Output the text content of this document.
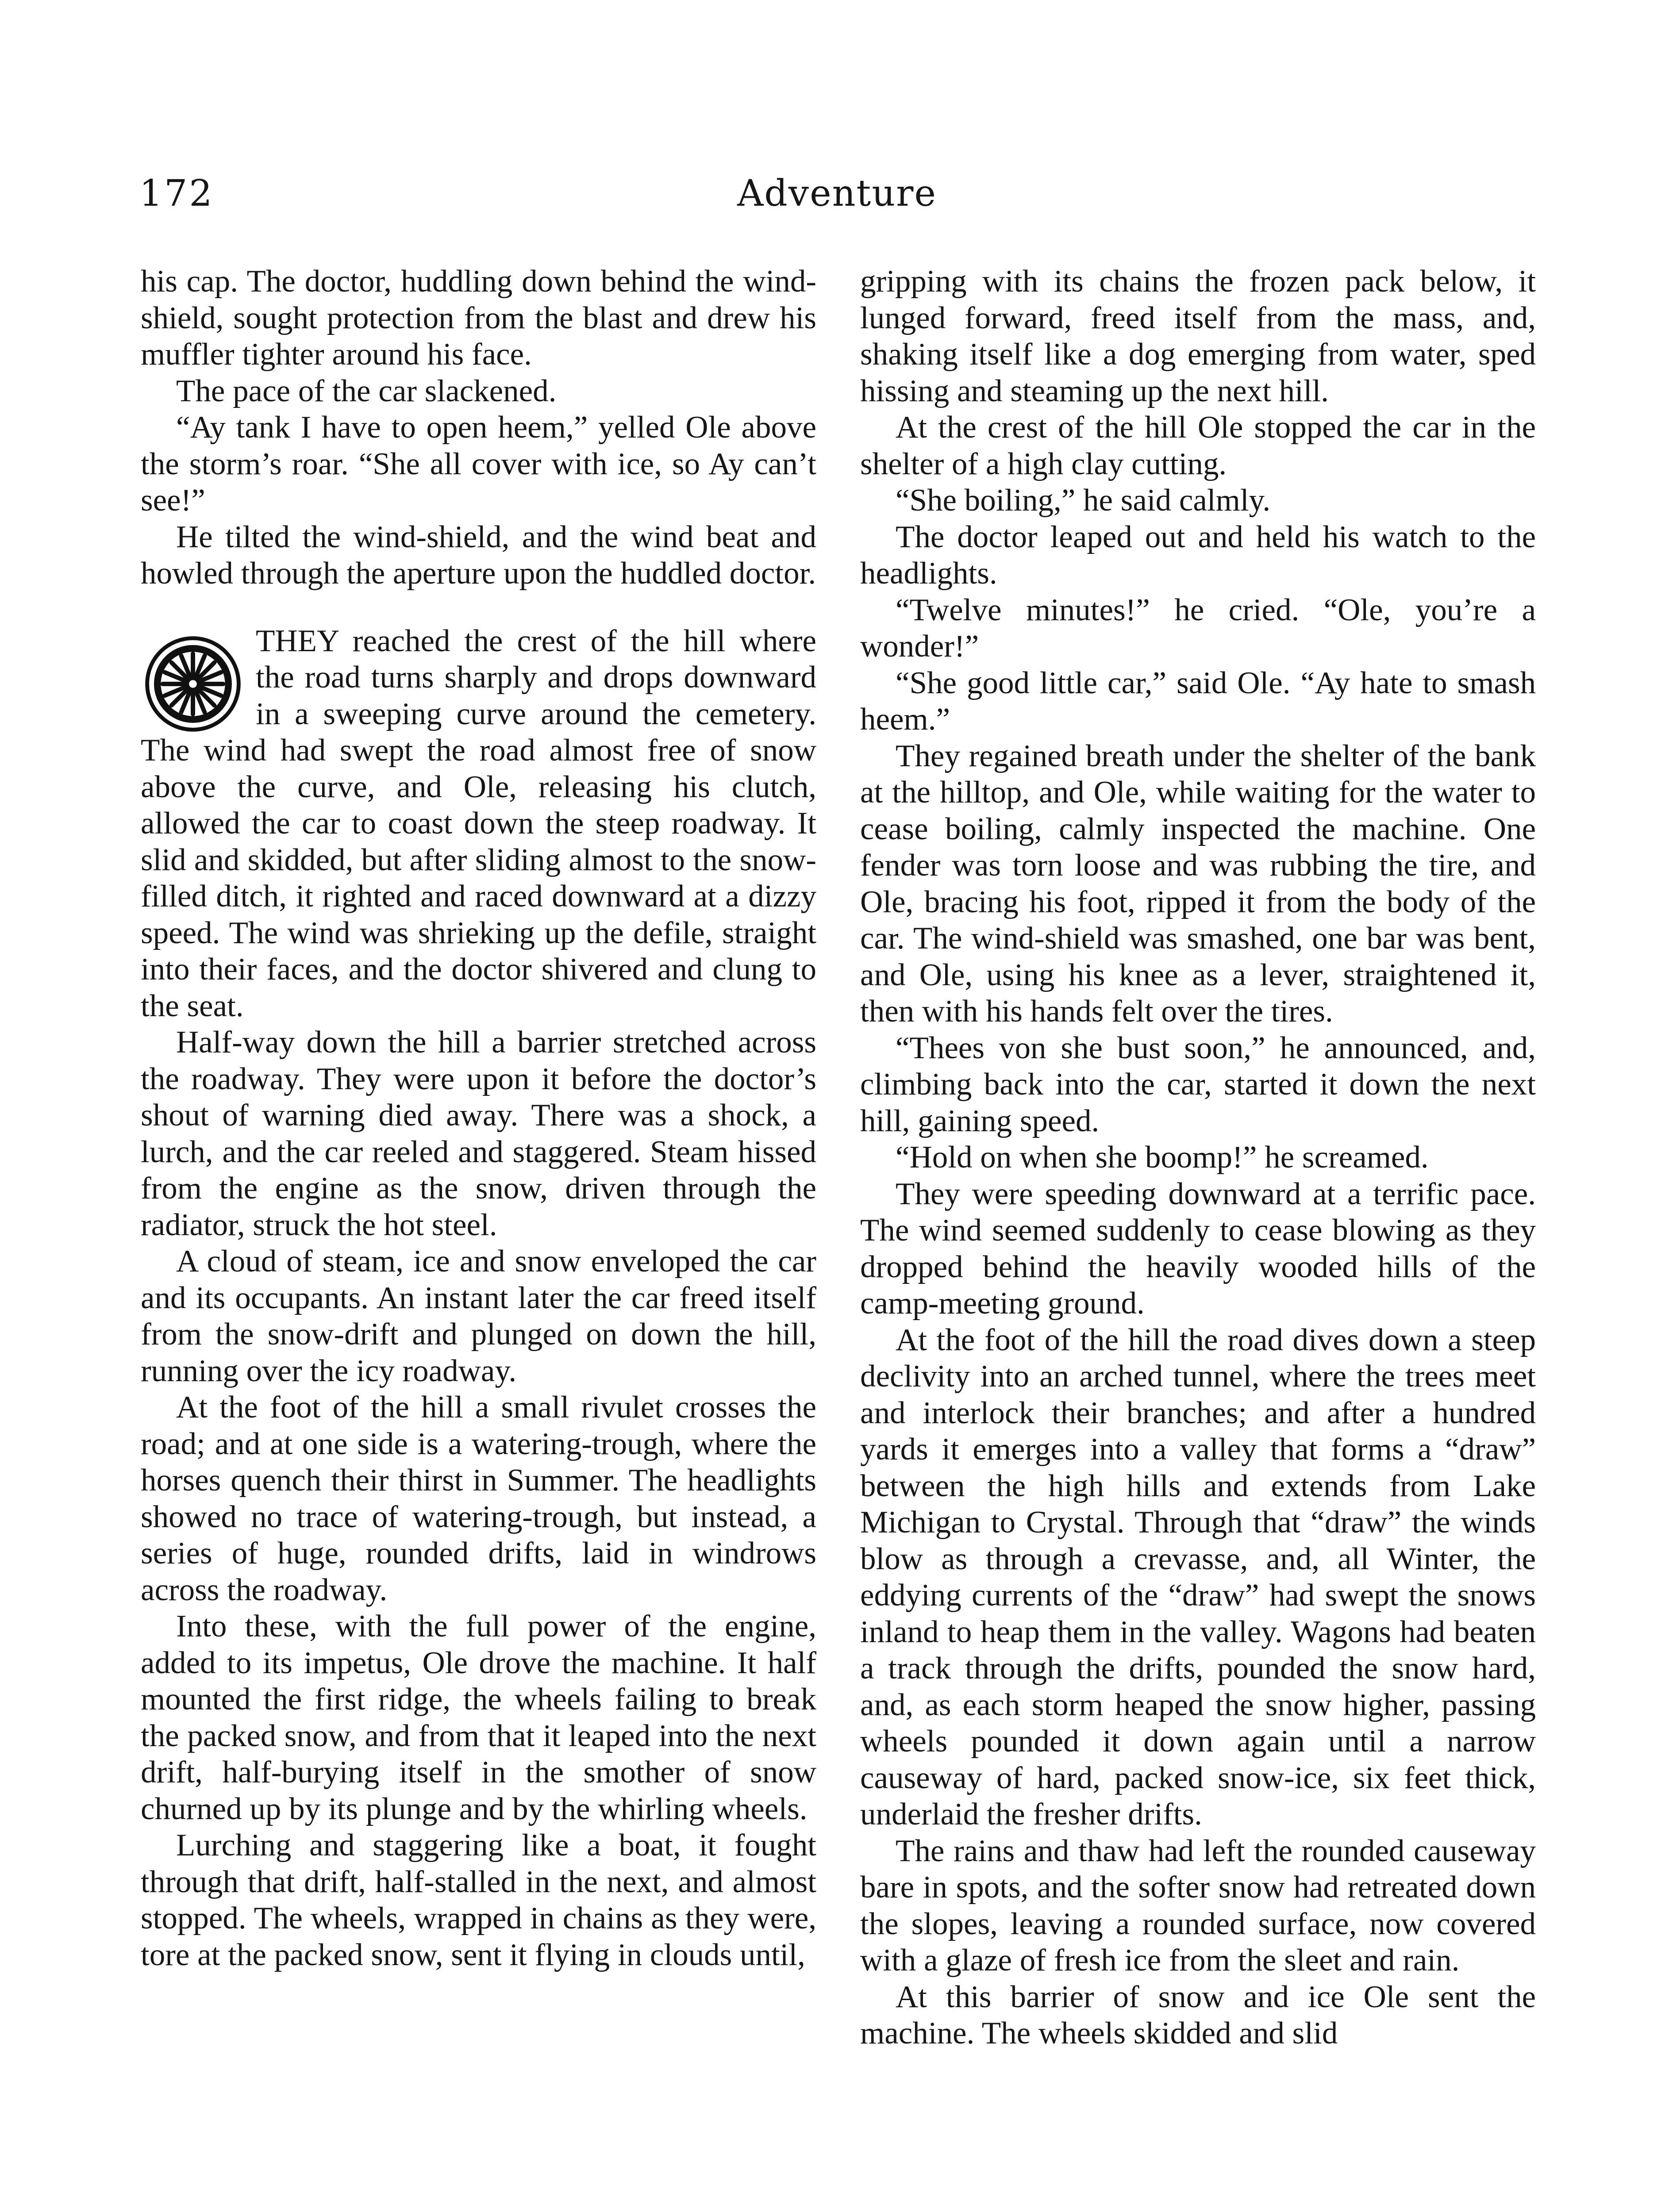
172	Adventure

his cap. The doctor, huddling down behind the wind-shield, sought protection from the blast and drew his muffler tighter around his face.

The pace of the car slackened.

“Ay tank I have to open heem,” yelled Ole above the storm’s roar. “She all cover with ice, so Ay can’t see!”

He tilted the wind-shield, and the wind beat and howled through the aperture upon the huddled doctor.

THEY reached the crest of the hill where the road turns sharply and drops downward in a sweeping curve around the cemetery. The wind had swept the road almost free of snow above the curve, and Ole, releasing his clutch, allowed the car to coast down the steep roadway. It slid and skidded, but after sliding almost to the snow-filled ditch, it righted and raced downward at a dizzy speed. The wind was shrieking up the defile, straight into their faces, and the doctor shivered and clung to the seat.

Half-way down the hill a barrier stretched across the roadway. They were upon it before the doctor’s shout of warning died away. There was a shock, a lurch, and the car reeled and staggered. Steam hissed from the engine as the snow, driven through the radiator, struck the hot steel.

A cloud of steam, ice and snow enveloped the car and its occupants. An instant later the car freed itself from the snow-drift and plunged on down the hill, running over the icy roadway.

At the foot of the hill a small rivulet crosses the road; and at one side is a watering-trough, where the horses quench their thirst in Summer. The headlights showed no trace of watering-trough, but instead, a series of huge, rounded drifts, laid in windrows across the roadway.

Into these, with the full power of the engine, added to its impetus, Ole drove the machine. It half mounted the first ridge, the wheels failing to break the packed snow, and from that it leaped into the next drift, half-burying itself in the smother of snow churned up by its plunge and by the whirling wheels.

Lurching and staggering like a boat, it fought through that drift, half-stalled in the next, and almost stopped. The wheels, wrapped in chains as they were, tore at the packed snow, sent it flying in clouds until,

gripping with its chains the frozen pack below, it lunged forward, freed itself from the mass, and, shaking itself like a dog emerging from water, sped hissing and steaming up the next hill.

At the crest of the hill Ole stopped the car in the shelter of a high clay cutting.

“She boiling,” he said calmly.

The doctor leaped out and held his watch to the headlights.

“Twelve minutes!” he cried. “Ole, you’re a wonder!”

“She good little car,” said Ole. “Ay hate to smash heem.”

They regained breath under the shelter of the bank at the hilltop, and Ole, while waiting for the water to cease boiling, calmly inspected the machine. One fender was torn loose and was rubbing the tire, and Ole, bracing his foot, ripped it from the body of the car. The wind-shield was smashed, one bar was bent, and Ole, using his knee as a lever, straightened it, then with his hands felt over the tires.

“Thees von she bust soon,” he announced, and, climbing back into the car, started it down the next hill, gaining speed.

“Hold on when she boomp!” he screamed.

They were speeding downward at a terrific pace. The wind seemed suddenly to cease blowing as they dropped behind the heavily wooded hills of the camp-meeting ground.

At the foot of the hill the road dives down a steep declivity into an arched tunnel, where the trees meet and interlock their branches; and after a hundred yards it emerges into a valley that forms a “draw” between the high hills and extends from Lake Michigan to Crystal. Through that “draw” the winds blow as through a crevasse, and, all Winter, the eddying currents of the “draw” had swept the snows inland to heap them in the valley. Wagons had beaten a track through the drifts, pounded the snow hard, and, as each storm heaped the snow higher, passing wheels pounded it down again until a narrow causeway of hard, packed snow-ice, six feet thick, underlaid the fresher drifts.

The rains and thaw had left the rounded causeway bare in spots, and the softer snow had retreated down the slopes, leaving a rounded surface, now covered with a glaze of fresh ice from the sleet and rain.

At this barrier of snow and ice Ole sent the machine. The wheels skidded and slid
